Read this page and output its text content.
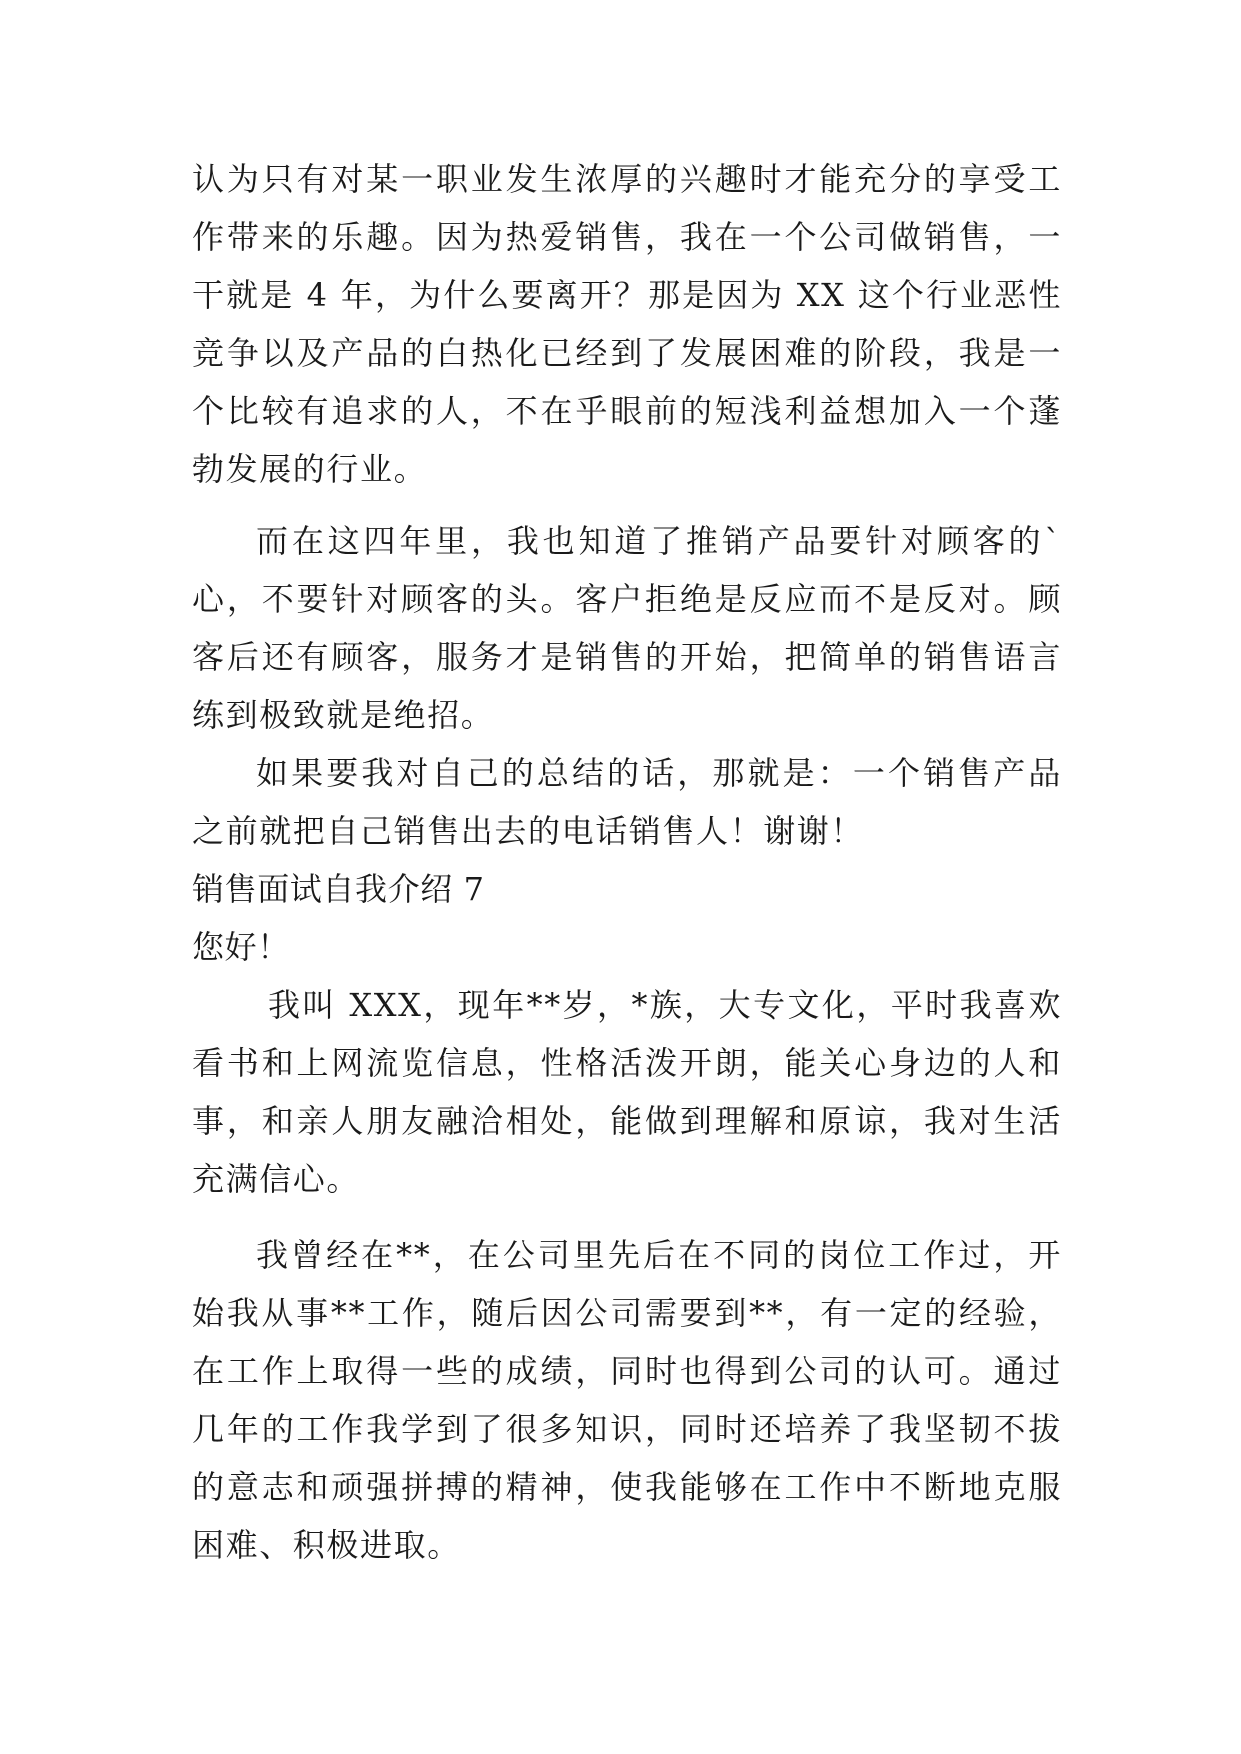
认为只有对某一职业发生浓厚的兴趣时才能充分的享受工作带来的乐趣。因为热爱销售，我在一个公司做销售，一干就是 4 年，为什么要离开？那是因为 XX 这个行业恶性竞争以及产品的白热化已经到了发展困难的阶段，我是一个比较有追求的人，不在乎眼前的短浅利益想加入一个蓬勃发展的行业。

而在这四年里，我也知道了推销产品要针对顾客的`心，不要针对顾客的头。客户拒绝是反应而不是反对。顾客后还有顾客，服务才是销售的开始，把简单的销售语言练到极致就是绝招。

如果要我对自己的总结的话，那就是：一个销售产品之前就把自己销售出去的电话销售人！谢谢！

销售面试自我介绍 7

您好！

我叫 XXX，现年**岁，*族，大专文化，平时我喜欢看书和上网流览信息，性格活泼开朗，能关心身边的人和事，和亲人朋友融洽相处，能做到理解和原谅，我对生活充满信心。

我曾经在**，在公司里先后在不同的岗位工作过，开始我从事**工作，随后因公司需要到**，有一定的经验，在工作上取得一些的成绩，同时也得到公司的认可。通过几年的工作我学到了很多知识，同时还培养了我坚韧不拔的意志和顽强拼搏的精神，使我能够在工作中不断地克服困难、积极进取。
